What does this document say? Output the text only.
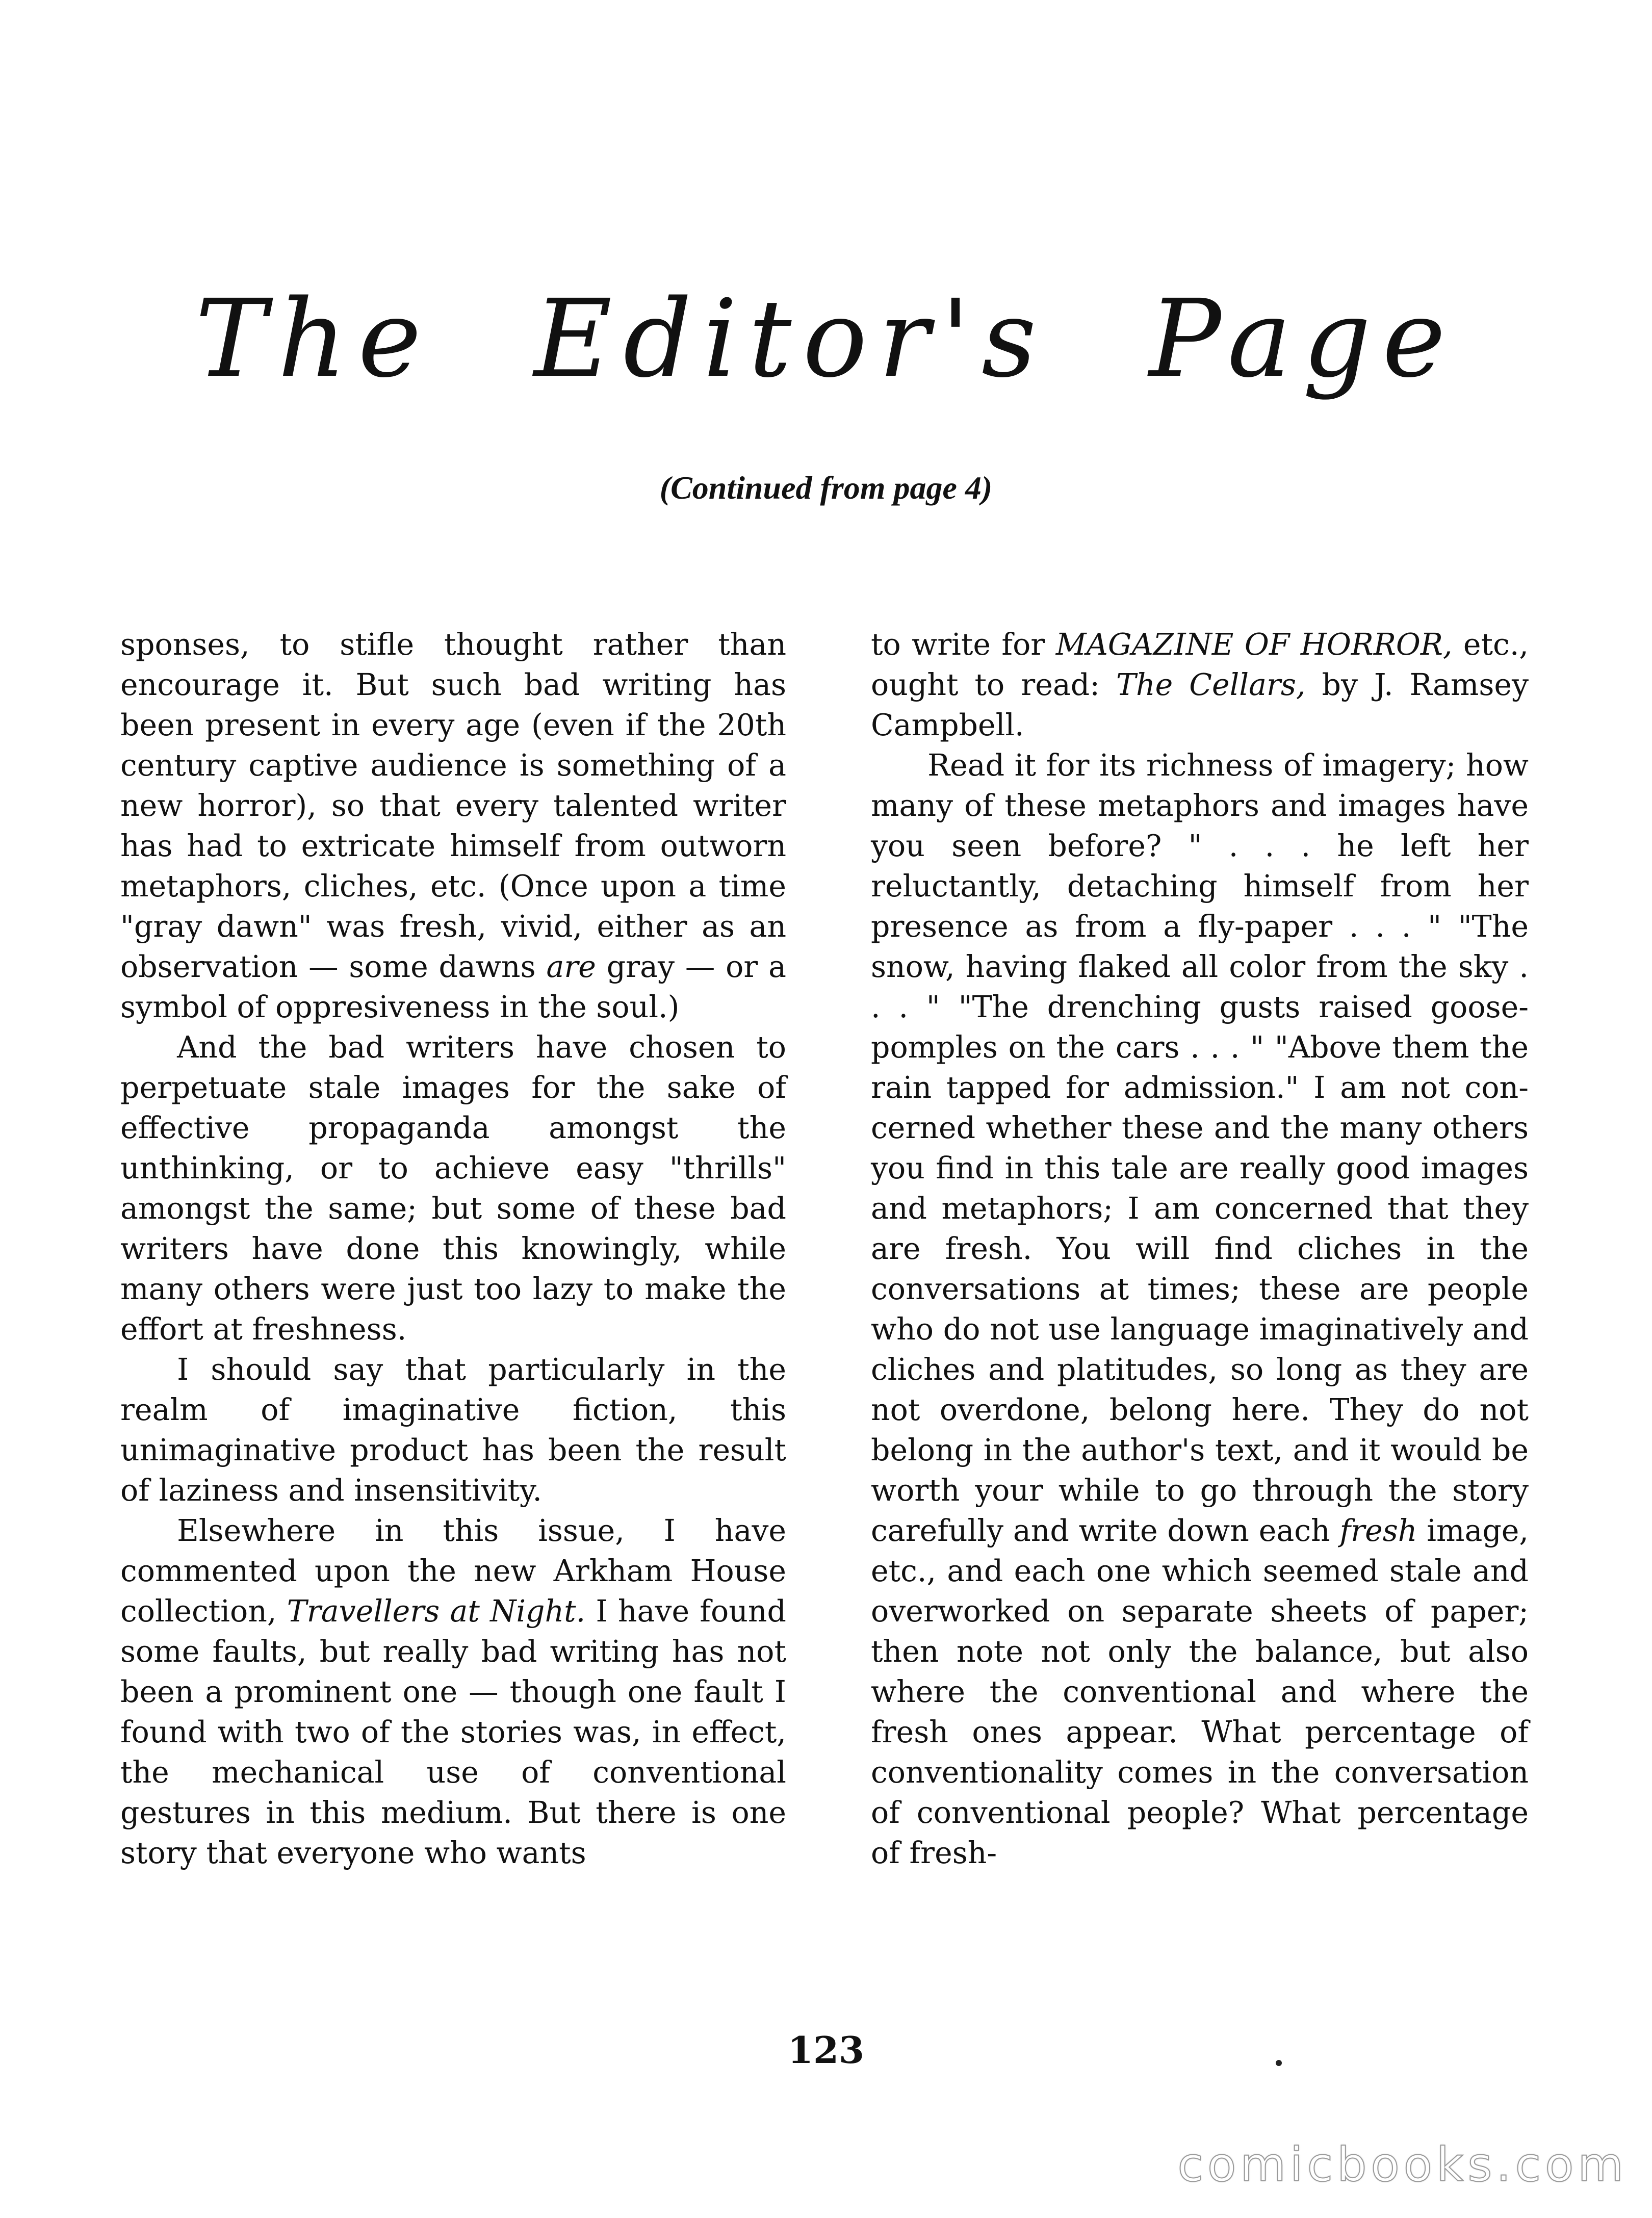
The Editor's Page
(Continued from page 4)

sponses, to stifle thought rather than encourage it. But such bad writing has been present in every age (even if the 20th century captive audience is something of a new horror), so that every talented writer has had to extricate himself from outworn metaphors, cliches, etc. (Once upon a time "gray dawn" was fresh, vivid, either as an observation — some dawns are gray — or a symbol of oppresiveness in the soul.)

And the bad writers have chosen to perpetuate stale images for the sake of effective propaganda amongst the unthinking, or to achieve easy "thrills" amongst the same; but some of these bad writers have done this knowingly, while many others were just too lazy to make the effort at freshness.

I should say that particularly in the realm of imaginative fiction, this unimaginative product has been the result of laziness and insensitivity.

Elsewhere in this issue, I have commented upon the new Arkham House collection, Travellers at Night. I have found some faults, but really bad writing has not been a prominent one — though one fault I found with two of the stories was, in effect, the mechanical use of conventional gestures in this medium. But there is one story that everyone who wants

to write for MAGAZINE OF HORROR, etc., ought to read: The Cellars, by J. Ramsey Campbell.

Read it for its richness of imagery; how many of these metaphors and images have you seen before? " . . . he left her reluctantly, detaching himself from her presence as from a fly-paper . . . " "The snow, having flaked all color from the sky . . . " "The drenching gusts raised goose-pomples on the cars . . . " "Above them the rain tapped for admission." I am not concerned whether these and the many others you find in this tale are really good images and metaphors; I am concerned that they are fresh. You will find cliches in the conversations at times; these are people who do not use language imaginatively and cliches and platitudes, so long as they are not overdone, belong here. They do not belong in the author's text, and it would be worth your while to go through the story carefully and write down each fresh image, etc., and each one which seemed stale and overworked on separate sheets of paper; then note not only the balance, but also where the conventional and where the fresh ones appear. What percentage of conventionality comes in the conversation of conventional people? What percentage of fresh-

123
comicbooks.com
